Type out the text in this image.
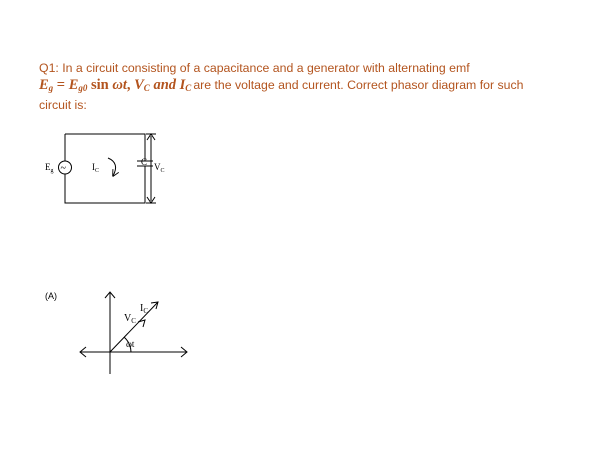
Q1: In a circuit consisting of a capacitance and a generator with alternating emf
$E_g = E_{g0}$ sin ωt, $V_C$ and $I_C$ are the voltage and current. Correct phasor diagram for such
circuit is:
~
$E_g$	$I_C$
C $V_C$
(A)
$I_C$
$V_C$
ωt
